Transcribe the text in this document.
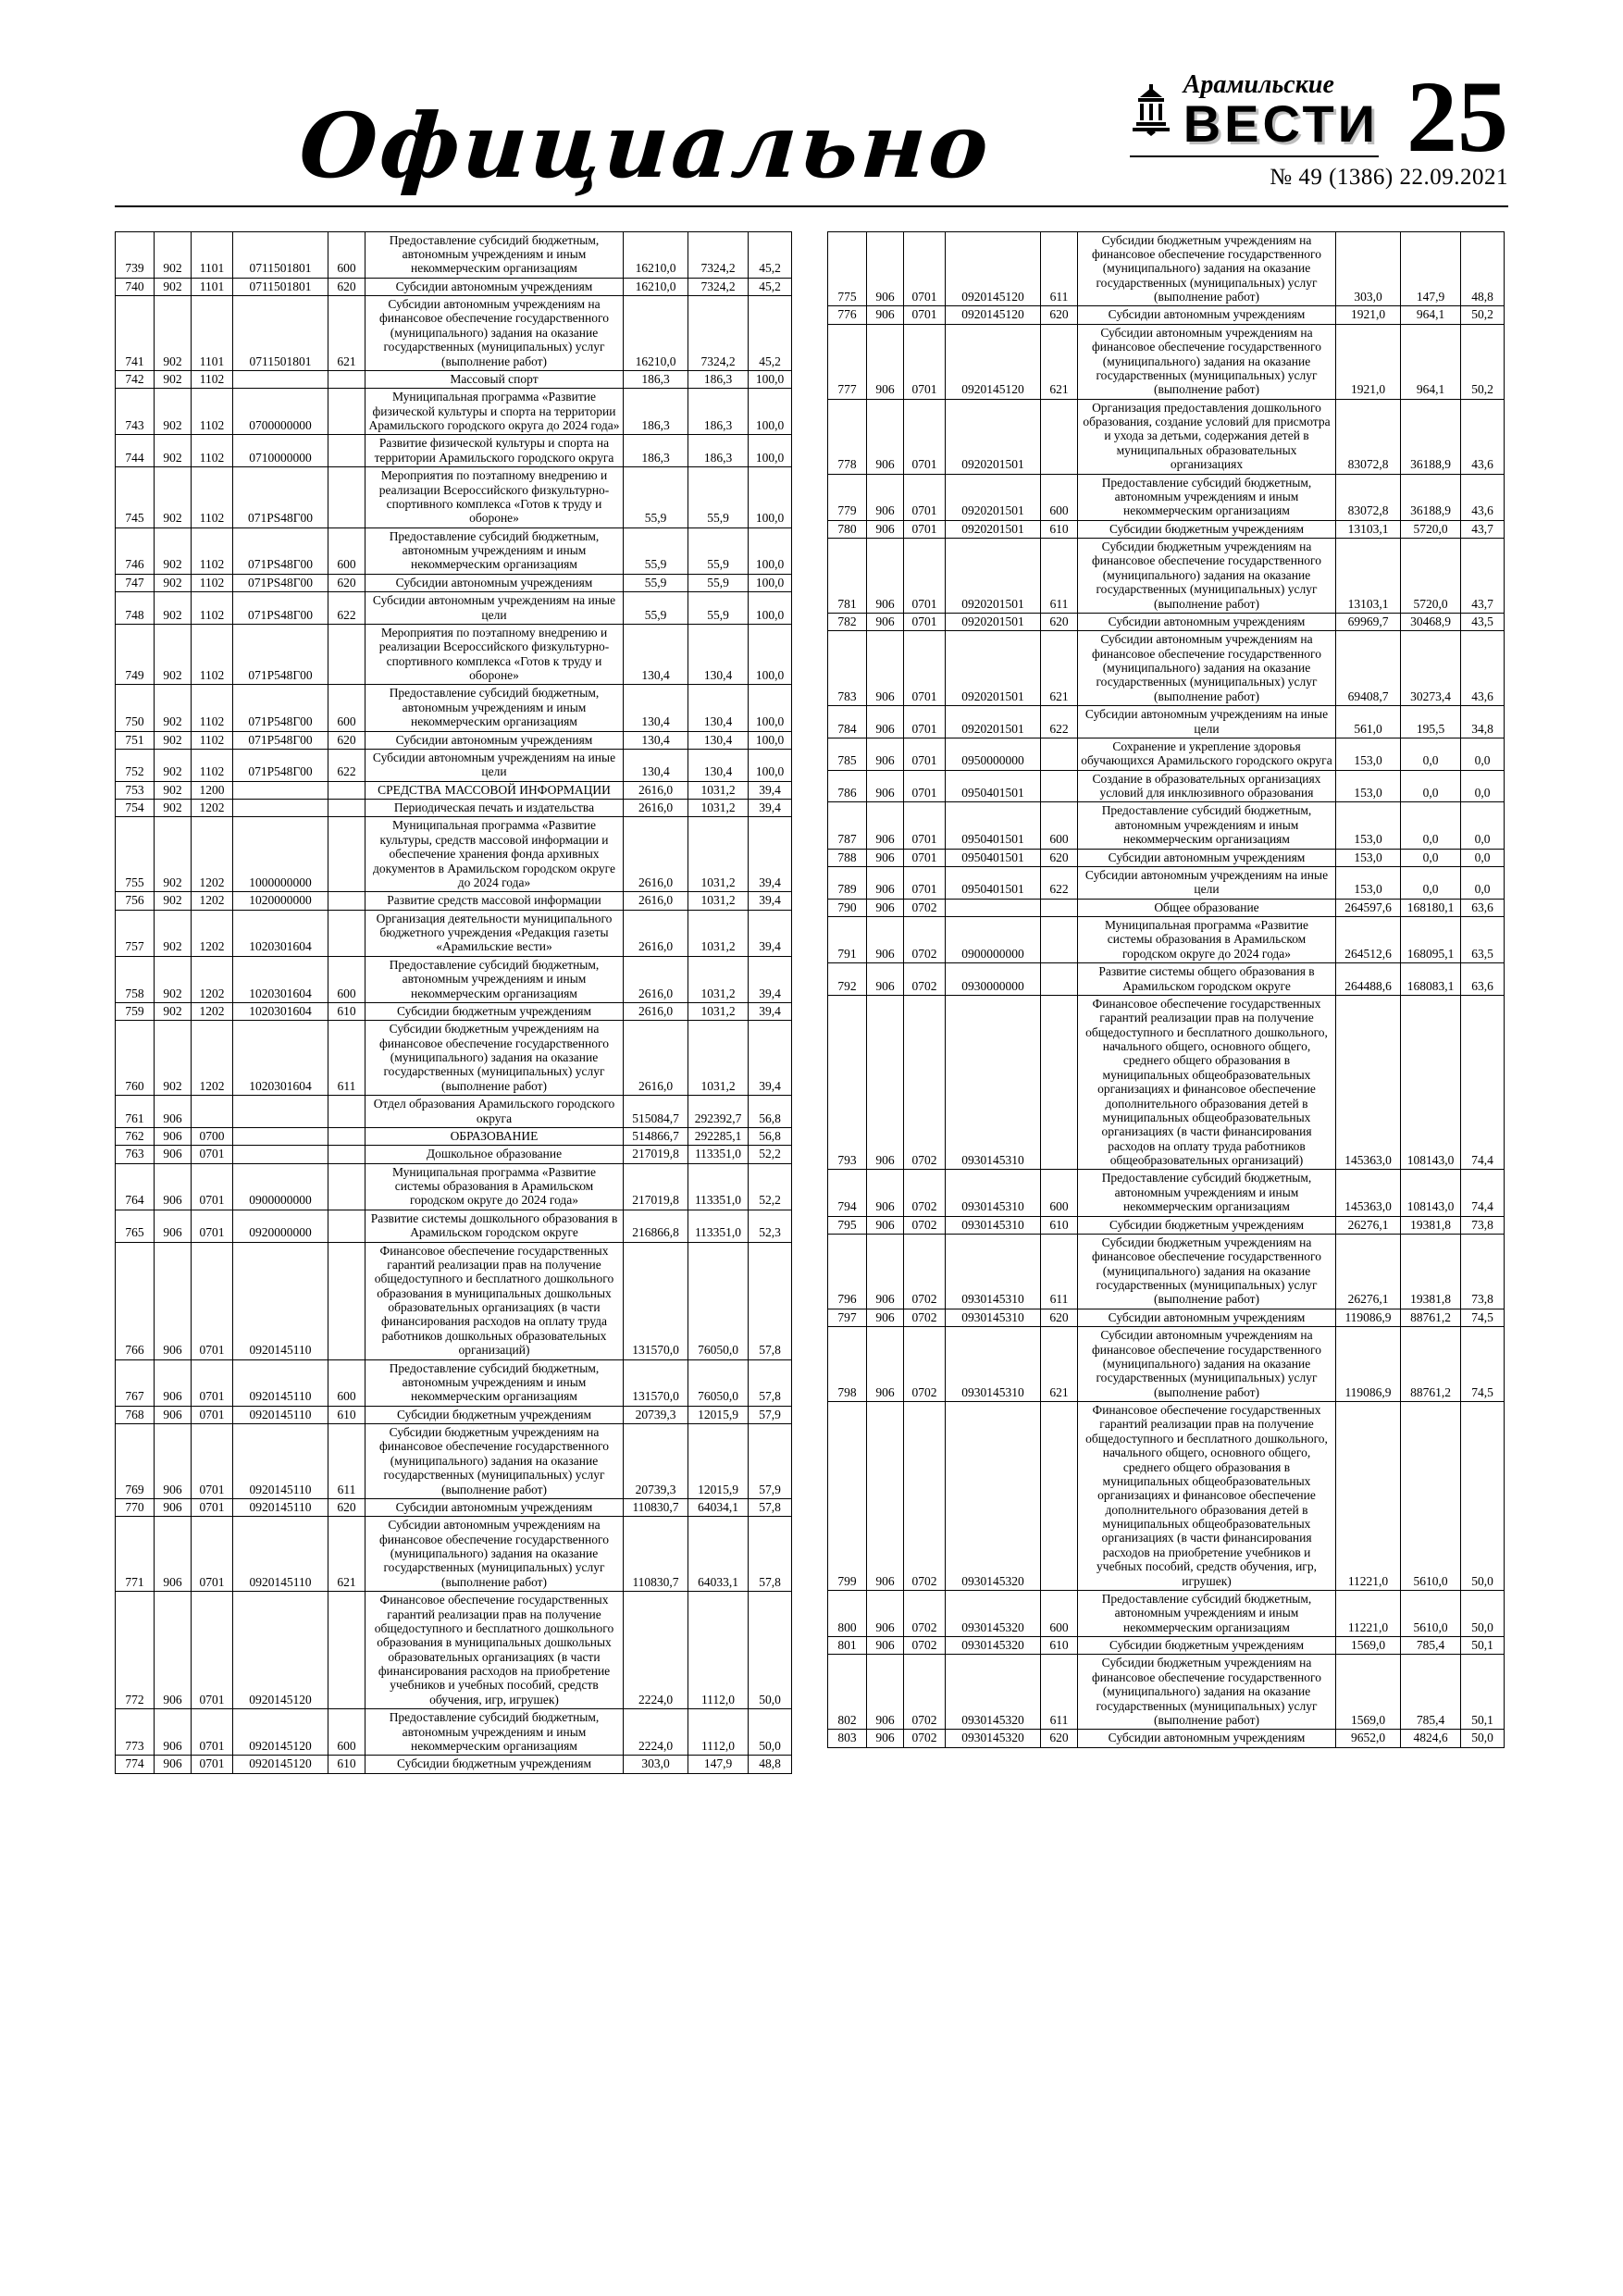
Официально
Арамильские
ВЕСТИ 25
№ 49 (1386) 22.09.2021
739	902	1101	0711501801	600	Предоставление субсидий бюджетным, автономным учреждениям и иным некоммерческим организациям	16210,0	7324,2	45,2
740	902	1101	0711501801	620	Субсидии автономным учреждениям	16210,0	7324,2	45,2
741	902	1101	0711501801	621	Субсидии автономным учреждениям на финансовое обеспечение государственного (муниципального) задания на оказание государственных (муниципальных) услуг (выполнение работ)	16210,0	7324,2	45,2
742	902	1102			Массовый спорт	186,3	186,3	100,0
743	902	1102	0700000000		Муниципальная программа «Развитие физической культуры и спорта на территории Арамильского городского округа до 2024 года»	186,3	186,3	100,0
744	902	1102	0710000000		Развитие физической культуры и спорта на территории Арамильского городского округа	186,3	186,3	100,0
745	902	1102	071PS48Г00		Мероприятия по поэтапному внедрению и реализации Всероссийского физкультурно-спортивного комплекса «Готов к труду и обороне»	55,9	55,9	100,0
746	902	1102	071PS48Г00	600	Предоставление субсидий бюджетным, автономным учреждениям и иным некоммерческим организациям	55,9	55,9	100,0
747	902	1102	071PS48Г00	620	Субсидии автономным учреждениям	55,9	55,9	100,0
748	902	1102	071PS48Г00	622	Субсидии автономным учреждениям на иные цели	55,9	55,9	100,0
749	902	1102	071P548Г00		Мероприятия по поэтапному внедрению и реализации Всероссийского физкультурно-спортивного комплекса «Готов к труду и обороне»	130,4	130,4	100,0
750	902	1102	071P548Г00	600	Предоставление субсидий бюджетным, автономным учреждениям и иным некоммерческим организациям	130,4	130,4	100,0
751	902	1102	071P548Г00	620	Субсидии автономным учреждениям	130,4	130,4	100,0
752	902	1102	071P548Г00	622	Субсидии автономным учреждениям на иные цели	130,4	130,4	100,0
753	902	1200			СРЕДСТВА МАССОВОЙ ИНФОРМАЦИИ	2616,0	1031,2	39,4
754	902	1202			Периодическая печать и издательства	2616,0	1031,2	39,4
755	902	1202	1000000000		Муниципальная программа «Развитие культуры, средств массовой информации и обеспечение хранения фонда архивных документов в Арамильском городском округе до 2024 года»	2616,0	1031,2	39,4
756	902	1202	1020000000		Развитие средств массовой информации	2616,0	1031,2	39,4
757	902	1202	1020301604		Организация деятельности муниципального бюджетного учреждения «Редакция газеты «Арамильские вести»	2616,0	1031,2	39,4
758	902	1202	1020301604	600	Предоставление субсидий бюджетным, автономным учреждениям и иным некоммерческим организациям	2616,0	1031,2	39,4
759	902	1202	1020301604	610	Субсидии бюджетным учреждениям	2616,0	1031,2	39,4
760	902	1202	1020301604	611	Субсидии бюджетным учреждениям на финансовое обеспечение государственного (муниципального) задания на оказание государственных (муниципальных) услуг (выполнение работ)	2616,0	1031,2	39,4
761	906				Отдел образования Арамильского городского округа	515084,7	292392,7	56,8
762	906	0700			ОБРАЗОВАНИЕ	514866,7	292285,1	56,8
763	906	0701			Дошкольное образование	217019,8	113351,0	52,2
764	906	0701	0900000000		Муниципальная программа «Развитие системы образования в Арамильском городском округе до 2024 года»	217019,8	113351,0	52,2
765	906	0701	0920000000		Развитие системы дошкольного образования в Арамильском городском округе	216866,8	113351,0	52,3
766	906	0701	0920145110		Финансовое обеспечение государственных гарантий реализации прав на получение общедоступного и бесплатного дошкольного образования в муниципальных дошкольных образовательных организациях (в части финансирования расходов на оплату труда работников дошкольных образовательных организаций)	131570,0	76050,0	57,8
767	906	0701	0920145110	600	Предоставление субсидий бюджетным, автономным учреждениям и иным некоммерческим организациям	131570,0	76050,0	57,8
768	906	0701	0920145110	610	Субсидии бюджетным учреждениям	20739,3	12015,9	57,9
769	906	0701	0920145110	611	Субсидии бюджетным учреждениям на финансовое обеспечение государственного (муниципального) задания на оказание государственных (муниципальных) услуг (выполнение работ)	20739,3	12015,9	57,9
770	906	0701	0920145110	620	Субсидии автономным учреждениям	110830,7	64034,1	57,8
771	906	0701	0920145110	621	Субсидии автономным учреждениям на финансовое обеспечение государственного (муниципального) задания на оказание государственных (муниципальных) услуг (выполнение работ)	110830,7	64033,1	57,8
772	906	0701	0920145120		Финансовое обеспечение государственных гарантий реализации прав на получение общедоступного и бесплатного дошкольного образования в муниципальных дошкольных образовательных организациях (в части финансирования расходов на приобретение учебников и учебных пособий, средств обучения, игр, игрушек)	2224,0	1112,0	50,0
773	906	0701	0920145120	600	Предоставление субсидий бюджетным, автономным учреждениям и иным некоммерческим организациям	2224,0	1112,0	50,0
774	906	0701	0920145120	610	Субсидии бюджетным учреждениям	303,0	147,9	48,8
775	906	0701	0920145120	611	Субсидии бюджетным учреждениям на финансовое обеспечение государственного (муниципального) задания на оказание государственных (муниципальных) услуг (выполнение работ)	303,0	147,9	48,8
776	906	0701	0920145120	620	Субсидии автономным учреждениям	1921,0	964,1	50,2
777	906	0701	0920145120	621	Субсидии автономным учреждениям на финансовое обеспечение государственного (муниципального) задания на оказание государственных (муниципальных) услуг (выполнение работ)	1921,0	964,1	50,2
778	906	0701	0920201501		Организация предоставления дошкольного образования, создание условий для присмотра и ухода за детьми, содержания детей в муниципальных образовательных организациях	83072,8	36188,9	43,6
779	906	0701	0920201501	600	Предоставление субсидий бюджетным, автономным учреждениям и иным некоммерческим организациям	83072,8	36188,9	43,6
780	906	0701	0920201501	610	Субсидии бюджетным учреждениям	13103,1	5720,0	43,7
781	906	0701	0920201501	611	Субсидии бюджетным учреждениям на финансовое обеспечение государственного (муниципального) задания на оказание государственных (муниципальных) услуг (выполнение работ)	13103,1	5720,0	43,7
782	906	0701	0920201501	620	Субсидии автономным учреждениям	69969,7	30468,9	43,5
783	906	0701	0920201501	621	Субсидии автономным учреждениям на финансовое обеспечение государственного (муниципального) задания на оказание государственных (муниципальных) услуг (выполнение работ)	69408,7	30273,4	43,6
784	906	0701	0920201501	622	Субсидии автономным учреждениям на иные цели	561,0	195,5	34,8
785	906	0701	0950000000		Сохранение и укрепление здоровья обучающихся Арамильского городского округа	153,0	0,0	0,0
786	906	0701	0950401501		Создание в образовательных организациях условий для инклюзивного образования	153,0	0,0	0,0
787	906	0701	0950401501	600	Предоставление субсидий бюджетным, автономным учреждениям и иным некоммерческим организациям	153,0	0,0	0,0
788	906	0701	0950401501	620	Субсидии автономным учреждениям	153,0	0,0	0,0
789	906	0701	0950401501	622	Субсидии автономным учреждениям на иные цели	153,0	0,0	0,0
790	906	0702			Общее образование	264597,6	168180,1	63,6
791	906	0702	0900000000		Муниципальная программа «Развитие системы образования в Арамильском городском округе до 2024 года»	264512,6	168095,1	63,5
792	906	0702	0930000000		Развитие системы общего образования в Арамильском городском округе	264488,6	168083,1	63,6
793	906	0702	0930145310		Финансовое обеспечение государственных гарантий реализации прав на получение общедоступного и бесплатного дошкольного, начального общего, основного общего, среднего общего образования в муниципальных общеобразовательных организациях и финансовое обеспечение дополнительного образования детей в муниципальных общеобразовательных организациях (в части финансирования расходов на оплату труда работников общеобразовательных организаций)	145363,0	108143,0	74,4
794	906	0702	0930145310	600	Предоставление субсидий бюджетным, автономным учреждениям и иным некоммерческим организациям	145363,0	108143,0	74,4
795	906	0702	0930145310	610	Субсидии бюджетным учреждениям	26276,1	19381,8	73,8
796	906	0702	0930145310	611	Субсидии бюджетным учреждениям на финансовое обеспечение государственного (муниципального) задания на оказание государственных (муниципальных) услуг (выполнение работ)	26276,1	19381,8	73,8
797	906	0702	0930145310	620	Субсидии автономным учреждениям	119086,9	88761,2	74,5
798	906	0702	0930145310	621	Субсидии автономным учреждениям на финансовое обеспечение государственного (муниципального) задания на оказание государственных (муниципальных) услуг (выполнение работ)	119086,9	88761,2	74,5
799	906	0702	0930145320		Финансовое обеспечение государственных гарантий реализации прав на получение общедоступного и бесплатного дошкольного, начального общего, основного общего, среднего общего образования в муниципальных общеобразовательных организациях и финансовое обеспечение дополнительного образования детей в муниципальных общеобразовательных организациях (в части финансирования расходов на приобретение учебников и учебных пособий, средств обучения, игр, игрушек)	11221,0	5610,0	50,0
800	906	0702	0930145320	600	Предоставление субсидий бюджетным, автономным учреждениям и иным некоммерческим организациям	11221,0	5610,0	50,0
801	906	0702	0930145320	610	Субсидии бюджетным учреждениям	1569,0	785,4	50,1
802	906	0702	0930145320	611	Субсидии бюджетным учреждениям на финансовое обеспечение государственного (муниципального) задания на оказание государственных (муниципальных) услуг (выполнение работ)	1569,0	785,4	50,1
803	906	0702	0930145320	620	Субсидии автономным учреждениям	9652,0	4824,6	50,0
